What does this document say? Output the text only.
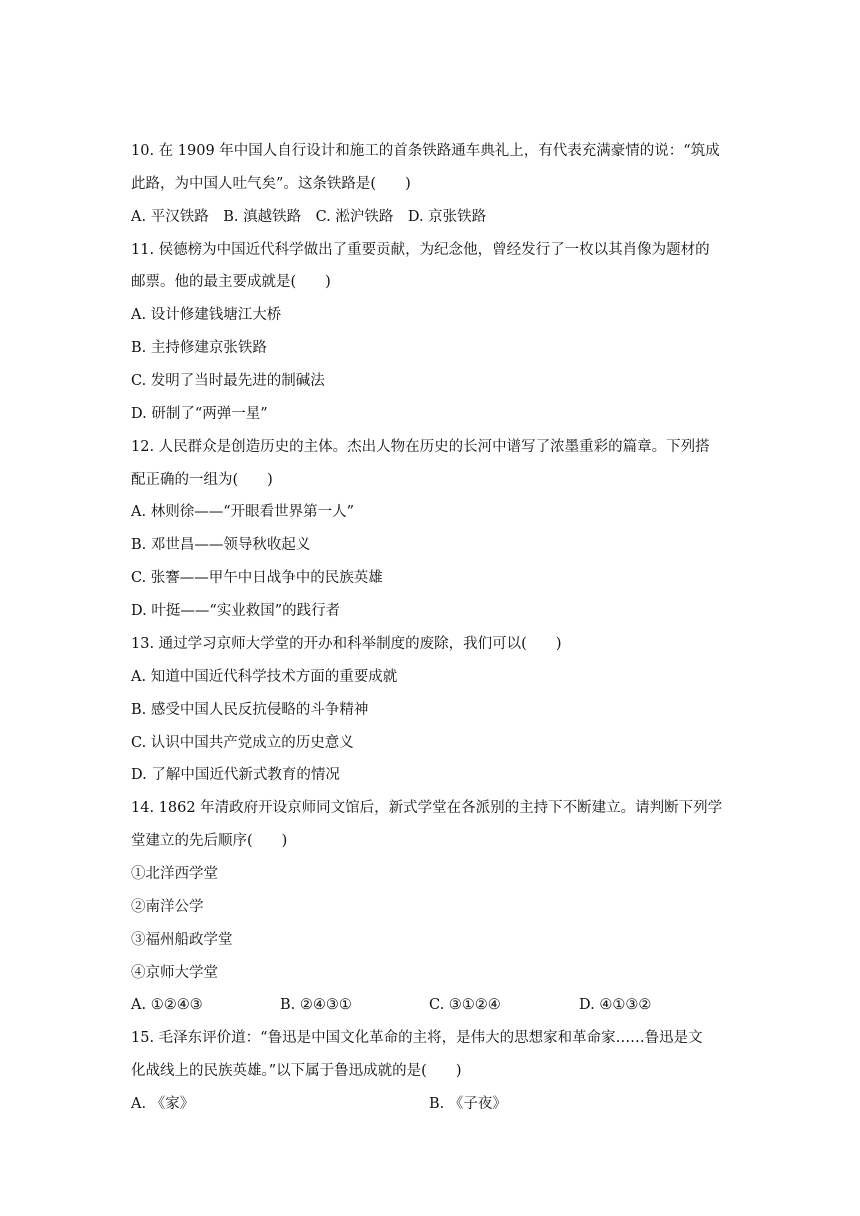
10. 在 1909 年中国人自行设计和施工的首条铁路通车典礼上，有代表充满豪情的说：“筑成
此路，为中国人吐气矣”。这条铁路是(　　)
A. 平汉铁路　B. 滇越铁路　C. 淞沪铁路　D. 京张铁路
11. 侯德榜为中国近代科学做出了重要贡献，为纪念他，曾经发行了一枚以其肖像为题材的
邮票。他的最主要成就是(　　)
A. 设计修建钱塘江大桥
B. 主持修建京张铁路
C. 发明了当时最先进的制碱法
D. 研制了“两弹一星”
12. 人民群众是创造历史的主体。杰出人物在历史的长河中谱写了浓墨重彩的篇章。下列搭
配正确的一组为(　　)
A. 林则徐——“开眼看世界第一人”
B. 邓世昌——领导秋收起义
C. 张謇——甲午中日战争中的民族英雄
D. 叶挺——“实业救国”的践行者
13. 通过学习京师大学堂的开办和科举制度的废除，我们可以(　　)
A. 知道中国近代科学技术方面的重要成就
B. 感受中国人民反抗侵略的斗争精神
C. 认识中国共产党成立的历史意义
D. 了解中国近代新式教育的情况
14. 1862 年清政府开设京师同文馆后，新式学堂在各派别的主持下不断建立。请判断下列学
堂建立的先后顺序(　　)
①北洋西学堂
②南洋公学
③福州船政学堂
④京师大学堂
A. ①②④③	B. ②④③①	C. ③①②④	D. ④①③②
15. 毛泽东评价道：“鲁迅是中国文化革命的主将，是伟大的思想家和革命家……鲁迅是文
化战线上的民族英雄。”以下属于鲁迅成就的是(　　)
A. 《家》	B. 《子夜》
